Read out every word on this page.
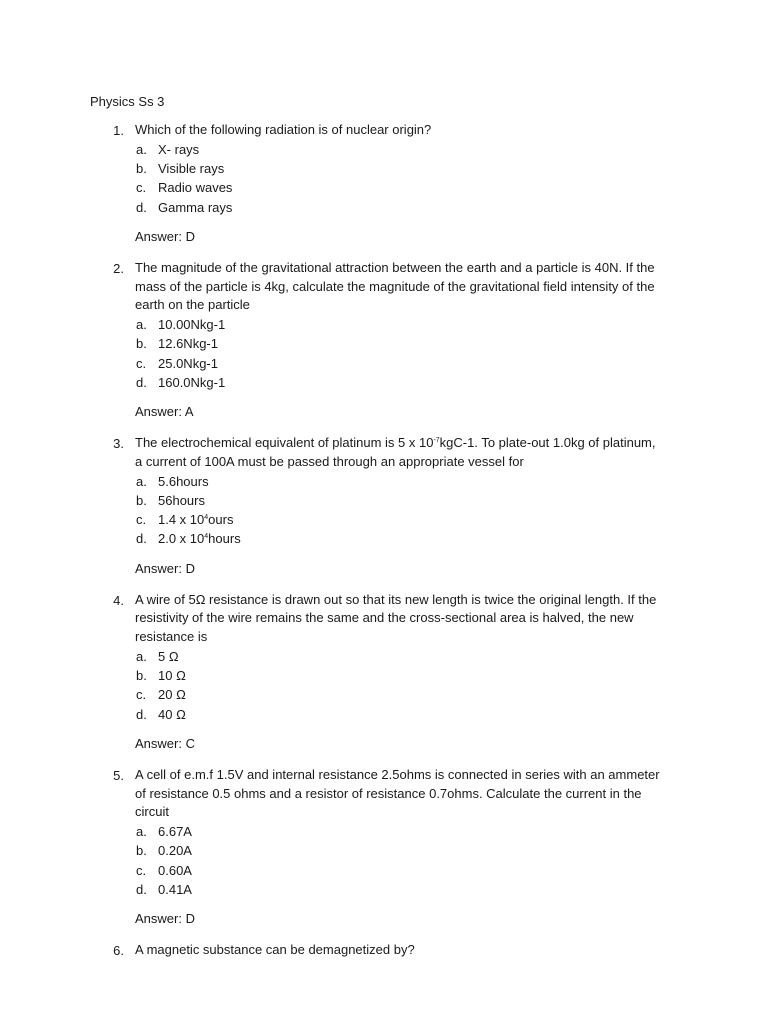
Physics Ss 3
1. Which of the following radiation is of nuclear origin?
a. X- rays
b. Visible rays
c. Radio waves
d. Gamma rays
Answer: D
2. The magnitude of the gravitational attraction between the earth and a particle is 40N. If the mass of the particle is 4kg, calculate the magnitude of the gravitational field intensity of the earth on the particle
a. 10.00Nkg-1
b. 12.6Nkg-1
c. 25.0Nkg-1
d. 160.0Nkg-1
Answer: A
3. The electrochemical equivalent of platinum is 5 x $10^{-7}kgC-1$. To plate-out 1.0kg of platinum, a current of 100A must be passed through an appropriate vessel for
a. 5.6hours
b. 56hours
c. 1.4 x $10^4ours$
d. 2.0 x $10^4hours$
Answer: D
4. A wire of 5Ω resistance is drawn out so that its new length is twice the original length. If the resistivity of the wire remains the same and the cross-sectional area is halved, the new resistance is
a. 5 Ω
b. 10 Ω
c. 20 Ω
d. 40 Ω
Answer: C
5. A cell of e.m.f 1.5V and internal resistance 2.5ohms is connected in series with an ammeter of resistance 0.5 ohms and a resistor of resistance 0.7ohms. Calculate the current in the circuit
a. 6.67A
b. 0.20A
c. 0.60A
d. 0.41A
Answer: D
6. A magnetic substance can be demagnetized by?
